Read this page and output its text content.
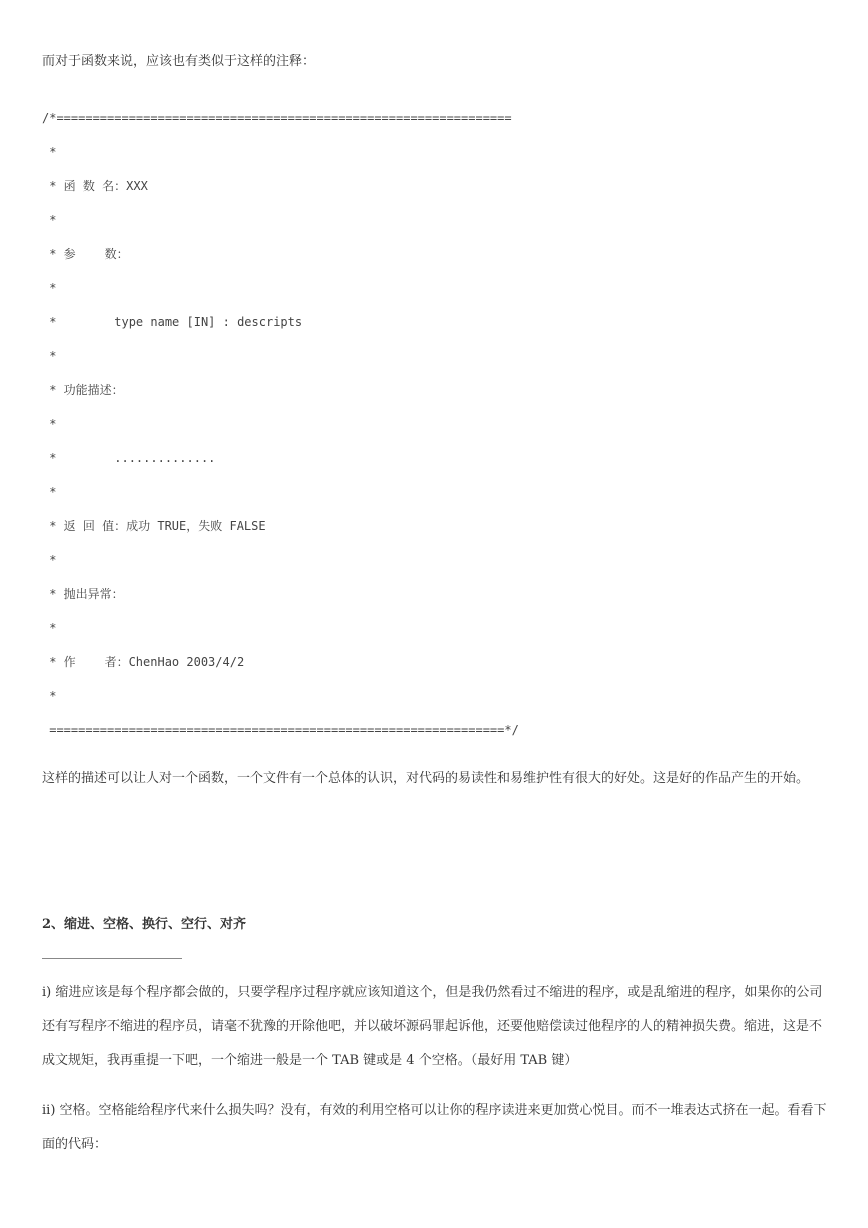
而对于函数来说，应该也有类似于这样的注释：
/*===============================================================
*
* 函 数 名：XXX
*
* 参    数：
*
*        type name [IN] : descripts
*
* 功能描述：
*
*        ..............
*
* 返 回 值：成功 TRUE，失败 FALSE
*
* 抛出异常：
*
* 作    者：ChenHao 2003/4/2
*
===============================================================*/
这样的描述可以让人对一个函数，一个文件有一个总体的认识，对代码的易读性和易维护性有很大的好处。这是好的作品产生的开始。
2、缩进、空格、换行、空行、对齐
i) 缩进应该是每个程序都会做的，只要学程序过程序就应该知道这个，但是我仍然看过不缩进的程序，或是乱缩进的程序，如果你的公司还有写程序不缩进的程序员，请毫不犹豫的开除他吧，并以破坏源码罪起诉他，还要他赔偿读过他程序的人的精神损失费。缩进，这是不成文规矩，我再重提一下吧，一个缩进一般是一个 TAB 键或是 4 个空格。（最好用 TAB 键）
ii) 空格。空格能给程序代来什么损失吗？没有，有效的利用空格可以让你的程序读进来更加赏心悦目。而不一堆表达式挤在一起。看看下面的代码：
